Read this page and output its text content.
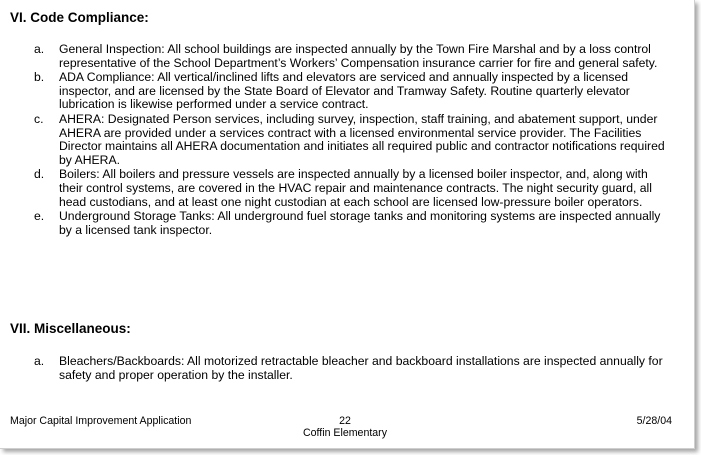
VI. Code Compliance:
a. General Inspection: All school buildings are inspected annually by the Town Fire Marshal and by a loss control representative of the School Department’s Workers’ Compensation insurance carrier for fire and general safety.
b. ADA Compliance: All vertical/inclined lifts and elevators are serviced and annually inspected by a licensed inspector, and are licensed by the State Board of Elevator and Tramway Safety. Routine quarterly elevator lubrication is likewise performed under a service contract.
c. AHERA: Designated Person services, including survey, inspection, staff training, and abatement support, under AHERA are provided under a services contract with a licensed environmental service provider. The Facilities Director maintains all AHERA documentation and initiates all required public and contractor notifications required by AHERA.
d. Boilers: All boilers and pressure vessels are inspected annually by a licensed boiler inspector, and, along with their control systems, are covered in the HVAC repair and maintenance contracts. The night security guard, all head custodians, and at least one night custodian at each school are licensed low-pressure boiler operators.
e. Underground Storage Tanks: All underground fuel storage tanks and monitoring systems are inspected annually by a licensed tank inspector.
VII. Miscellaneous:
a. Bleachers/Backboards: All motorized retractable bleacher and backboard installations are inspected annually for safety and proper operation by the installer.
Major Capital Improvement Application	22
Coffin Elementary
5/28/04
